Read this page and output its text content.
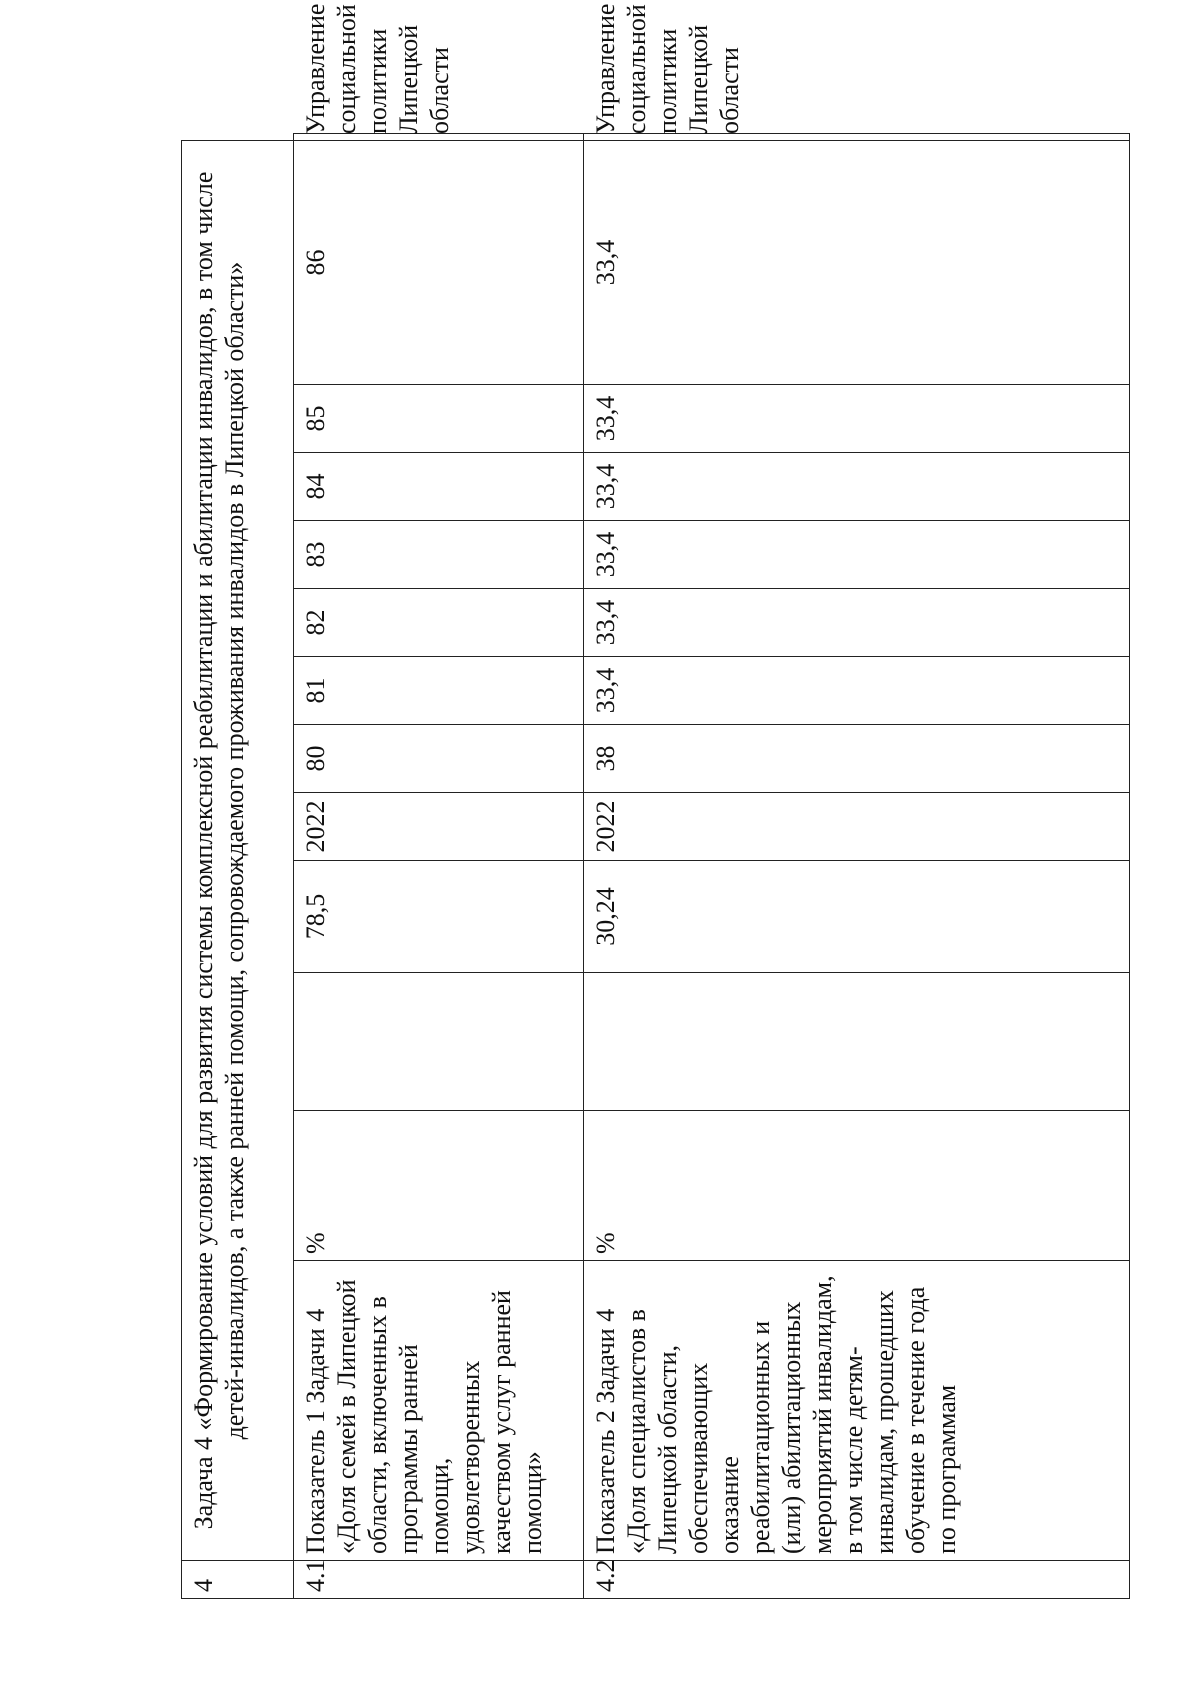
4	Задача 4 «Формирование условий для развития системы комплексной реабилитации и абилитации инвалидов, в том числе детей-инвалидов, а также ранней помощи, сопровождаемого проживания инвалидов в Липецкой области»												
4.1	Показатель 1 Задачи 4 «Доля семей в Липецкой области, включенных в программы ранней помощи, удовлетворенных качеством услуг ранней помощи»	%		78,5	2022	80	81	82	83	84	85	86	Управление социальной политики Липецкой области
4.2	Показатель 2 Задачи 4 «Доля специалистов в Липецкой области, обеспечивающих оказание реабилитационных и (или) абилитационных мероприятий инвалидам, в том числе детям-инвалидам, прошедших обучение в течение года по программам	%		30,24	2022	38	33,4	33,4	33,4	33,4	33,4	33,4	Управление социальной политики Липецкой области
